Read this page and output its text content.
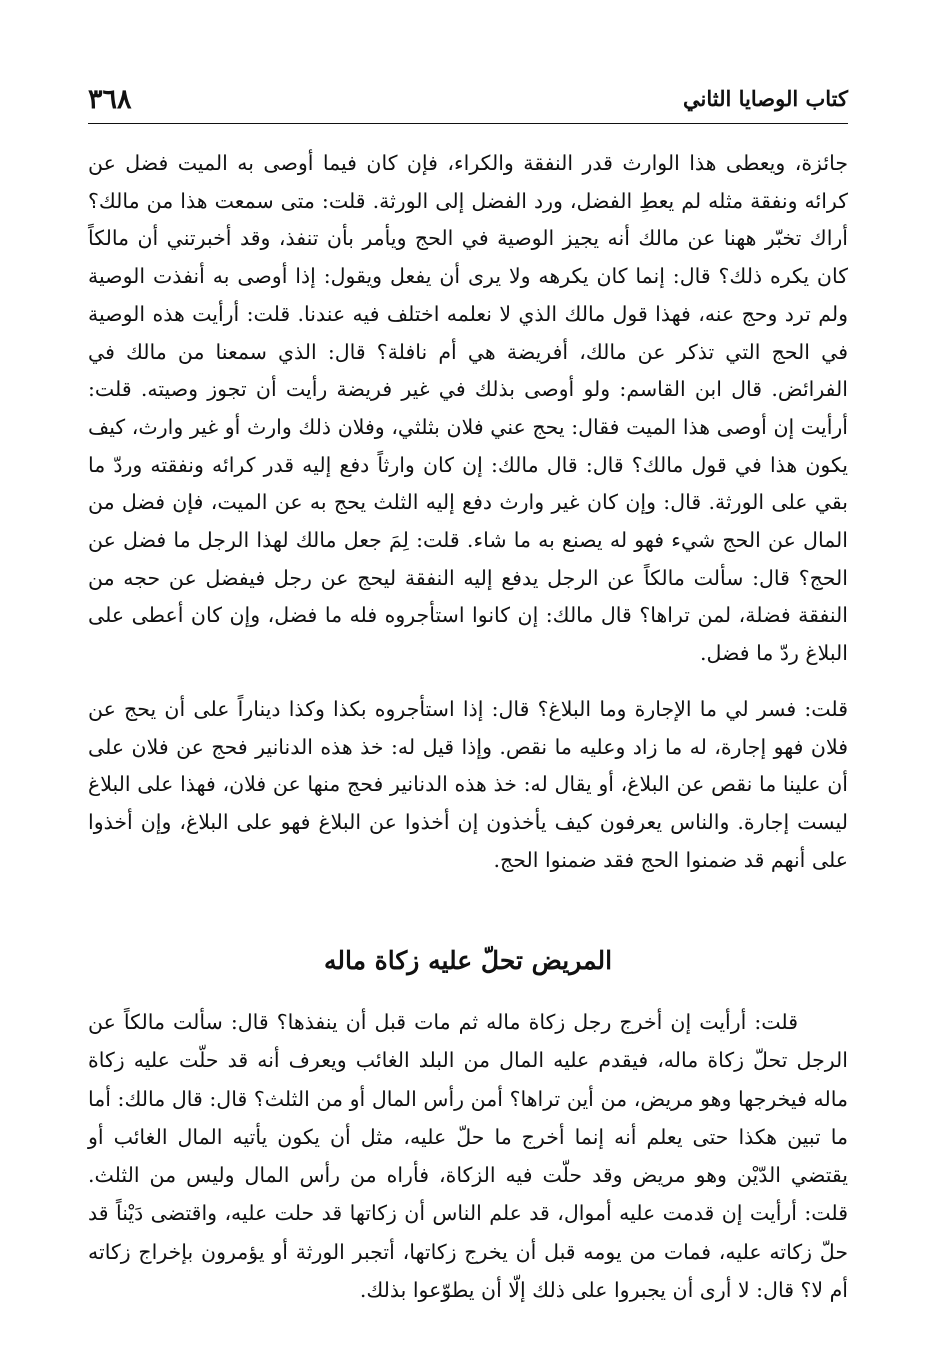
٣٦٨	كتاب الوصايا الثاني

جائزة، ويعطى هذا الوارث قدر النفقة والكراء، فإن كان فيما أوصى به الميت فضل عن كرائه ونفقة مثله لم يعطِ الفضل، ورد الفضل إلى الورثة. قلت: متى سمعت هذا من مالك؟ أراك تخبّر ههنا عن مالك أنه يجيز الوصية في الحج ويأمر بأن تنفذ، وقد أخبرتني أن مالكاً كان يكره ذلك؟ قال: إنما كان يكرهه ولا يرى أن يفعل ويقول: إذا أوصى به أنفذت الوصية ولم ترد وحج عنه، فهذا قول مالك الذي لا نعلمه اختلف فيه عندنا. قلت: أرأيت هذه الوصية في الحج التي تذكر عن مالك، أفريضة هي أم نافلة؟ قال: الذي سمعنا من مالك في الفرائض. قال ابن القاسم: ولو أوصى بذلك في غير فريضة رأيت أن تجوز وصيته. قلت: أرأيت إن أوصى هذا الميت فقال: يحج عني فلان بثلثي، وفلان ذلك وارث أو غير وارث، كيف يكون هذا في قول مالك؟ قال: قال مالك: إن كان وارثاً دفع إليه قدر كرائه ونفقته وردّ ما بقي على الورثة. قال: وإن كان غير وارث دفع إليه الثلث يحج به عن الميت، فإن فضل من المال عن الحج شيء فهو له يصنع به ما شاء. قلت: لِمَ جعل مالك لهذا الرجل ما فضل عن الحج؟ قال: سألت مالكاً عن الرجل يدفع إليه النفقة ليحج عن رجل فيفضل عن حجه من النفقة فضلة، لمن تراها؟ قال مالك: إن كانوا استأجروه فله ما فضل، وإن كان أعطى على البلاغ ردّ ما فضل.

قلت: فسر لي ما الإجارة وما البلاغ؟ قال: إذا استأجروه بكذا وكذا ديناراً على أن يحج عن فلان فهو إجارة، له ما زاد وعليه ما نقص. وإذا قيل له: خذ هذه الدنانير فحج عن فلان على أن علينا ما نقص عن البلاغ، أو يقال له: خذ هذه الدنانير فحج منها عن فلان، فهذا على البلاغ ليست إجارة. والناس يعرفون كيف يأخذون إن أخذوا عن البلاغ فهو على البلاغ، وإن أخذوا على أنهم قد ضمنوا الحج فقد ضمنوا الحج.

المريض تحلّ عليه زكاة ماله

قلت: أرأيت إن أخرج رجل زكاة ماله ثم مات قبل أن ينفذها؟ قال: سألت مالكاً عن الرجل تحلّ زكاة ماله، فيقدم عليه المال من البلد الغائب ويعرف أنه قد حلّت عليه زكاة ماله فيخرجها وهو مريض، من أين تراها؟ أمن رأس المال أو من الثلث؟ قال: قال مالك: أما ما تبين هكذا حتى يعلم أنه إنما أخرج ما حلّ عليه، مثل أن يكون يأتيه المال الغائب أو يقتضي الدّيْن وهو مريض وقد حلّت فيه الزكاة، فأراه من رأس المال وليس من الثلث. قلت: أرأيت إن قدمت عليه أموال، قد علم الناس أن زكاتها قد حلت عليه، واقتضى دَيْناً قد حلّ زكاته عليه، فمات من يومه قبل أن يخرج زكاتها، أتجبر الورثة أو يؤمرون بإخراج زكاته أم لا؟ قال: لا أرى أن يجبروا على ذلك إلّا أن يطوّعوا بذلك.
